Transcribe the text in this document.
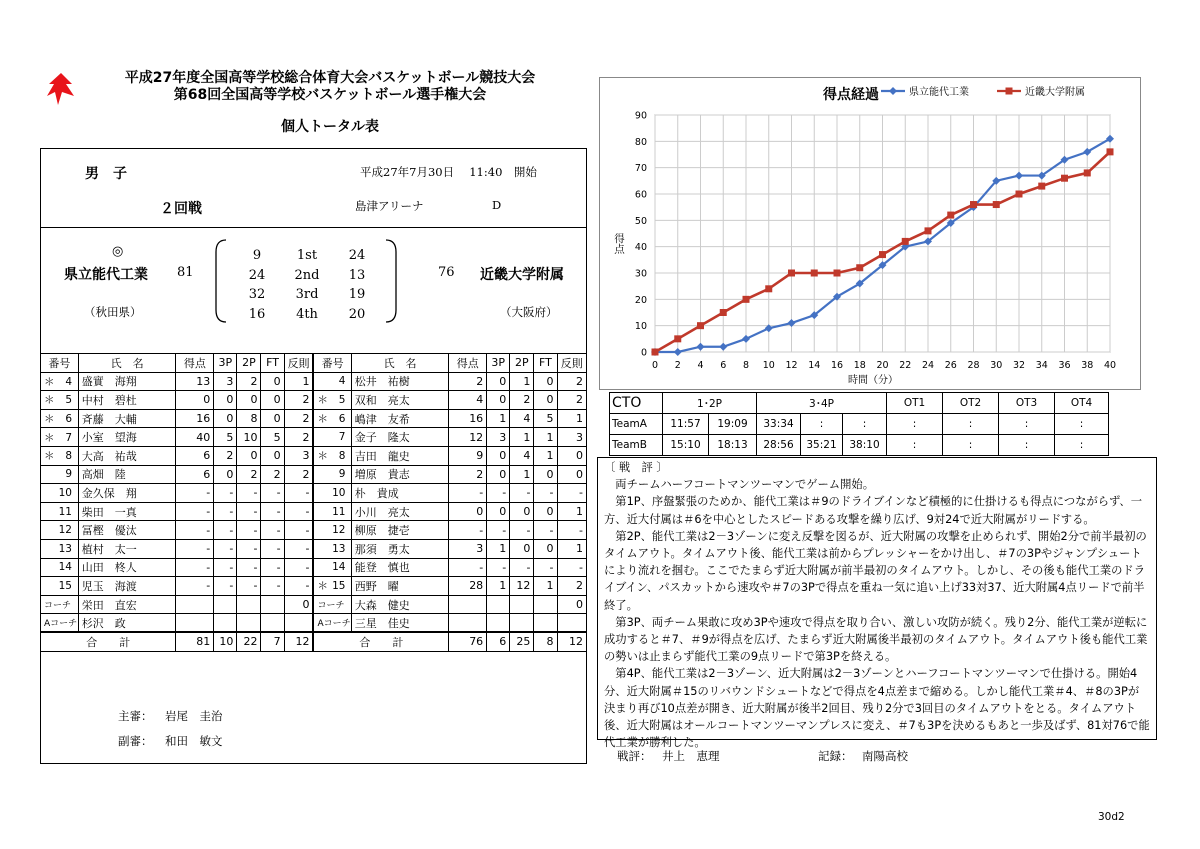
平成27年度全国高等学校総合体育大会バスケットボール競技大会
第68回全国高等学校バスケットボール選手権大会
個人トータル表
男　子	平成27年7月30日　 11:40　開始
２回戦	島津アリーナ	D
◎
県立能代工業 81
（秋田県）
9	1st	24
24	2nd	13
32	3rd	19
16	4th	20
76 近畿大学附属
（大阪府）
番号	氏　名	得点	3P	2P	FT	反則	番号	氏　名	得点	3P	2P	FT	反則
＊ 4	盛實　海翔	13	3	2	0	1	4	松井　祐樹	2	0	1	0	2
＊ 5	中村　碧杜	0	0	0	0	2	＊ 5	双和　亮太	4	0	2	0	2
＊ 6	斉藤　大輔	16	0	8	0	2	＊ 6	嶋津　友希	16	1	4	5	1
＊ 7	小室　望海	40	5	10	5	2	7	金子　隆太	12	3	1	1	3
＊ 8	大高　祐哉	6	2	0	0	3	＊ 8	吉田　龍史	9	0	4	1	0
9	高畑　陸	6	0	2	2	2	9	増原　貴志	2	0	1	0	0
10	金久保　翔	-	-	-	-	-	10	朴　貴成	-	-	-	-	-
11	柴田　一真	-	-	-	-	-	11	小川　亮太	0	0	0	0	1
12	冨樫　優汰	-	-	-	-	-	12	柳原　捷壱	-	-	-	-	-
13	植村　太一	-	-	-	-	-	13	那須　勇太	3	1	0	0	1
14	山田　柊人	-	-	-	-	-	14	能登　慎也	-	-	-	-	-
15	児玉　海渡	-	-	-	-	-	＊ 15	西野　曜	28	1	12	1	2
コーチ	栄田　直宏					0	コーチ	大森　健史					0
Aコーチ	杉沢　政						Aコーチ	三星　佳史					
合　　計		81	10	22	7	12	合　　計		76	6	25	8	12
主審： 岩尾　圭治
副審： 和田　敏文
得点経過	県立能代工業	近畿大学附属
0
10
20
30
40
50
60
70
80
90
0 2 4 6 8 10 12 14 16 18 20 22 24 26 28 30 32 34 36 38 40
得点
時間（分）
CTO	1･2P		3･4P			OT1	OT2	OT3	OT4
TeamA	11:57	19:09	33:34	:	:	:	:	:	:
TeamB	15:10	18:13	28:56	35:21	38:10	:	:	:	:
〔 戦　評 〕

両チームハーフコートマンツーマンでゲーム開始。

第1P、序盤緊張のためか、能代工業は＃9のドライブインなど積極的に仕掛けるも得点につながらず、一方、近大付属は＃6を中心としたスピードある攻撃を繰り広げ、9対24で近大附属がリードする。

第2P、能代工業は2－3ゾーンに変え反撃を図るが、近大附属の攻撃を止められず、開始2分で前半最初のタイムアウト。タイムアウト後、能代工業は前からプレッシャーをかけ出し、＃7の3Pやジャンプシュートにより流れを掴む。ここでたまらず近大附属が前半最初のタイムアウト。しかし、その後も能代工業のドライブイン、パスカットから速攻や＃7の3Pで得点を重ね一気に追い上げ33対37、近大附属4点リードで前半終了。

第3P、両チーム果敢に攻め3Pや速攻で得点を取り合い、激しい攻防が続く。残り2分、能代工業が逆転に成功すると＃7、＃9が得点を広げ、たまらず近大附属後半最初のタイムアウト。タイムアウト後も能代工業の勢いは止まらず能代工業の9点リードで第3Pを終える。

第4P、能代工業は2－3ゾーン、近大附属は2－3ゾーンとハーフコートマンツーマンで仕掛ける。開始4分、近大附属＃15のリバウンドシュートなどで得点を4点差まで縮める。しかし能代工業＃4、＃8の3Pが決まり再び10点差が開き、近大附属が後半2回目、残り2分で3回目のタイムアウトをとる。タイムアウト後、近大附属はオールコートマンツーマンプレスに変え、＃7も3Pを決めるもあと一歩及ばず、81対76で能代工業が勝利した。

戦評： 井上　恵理	記録： 南陽高校
30d2
